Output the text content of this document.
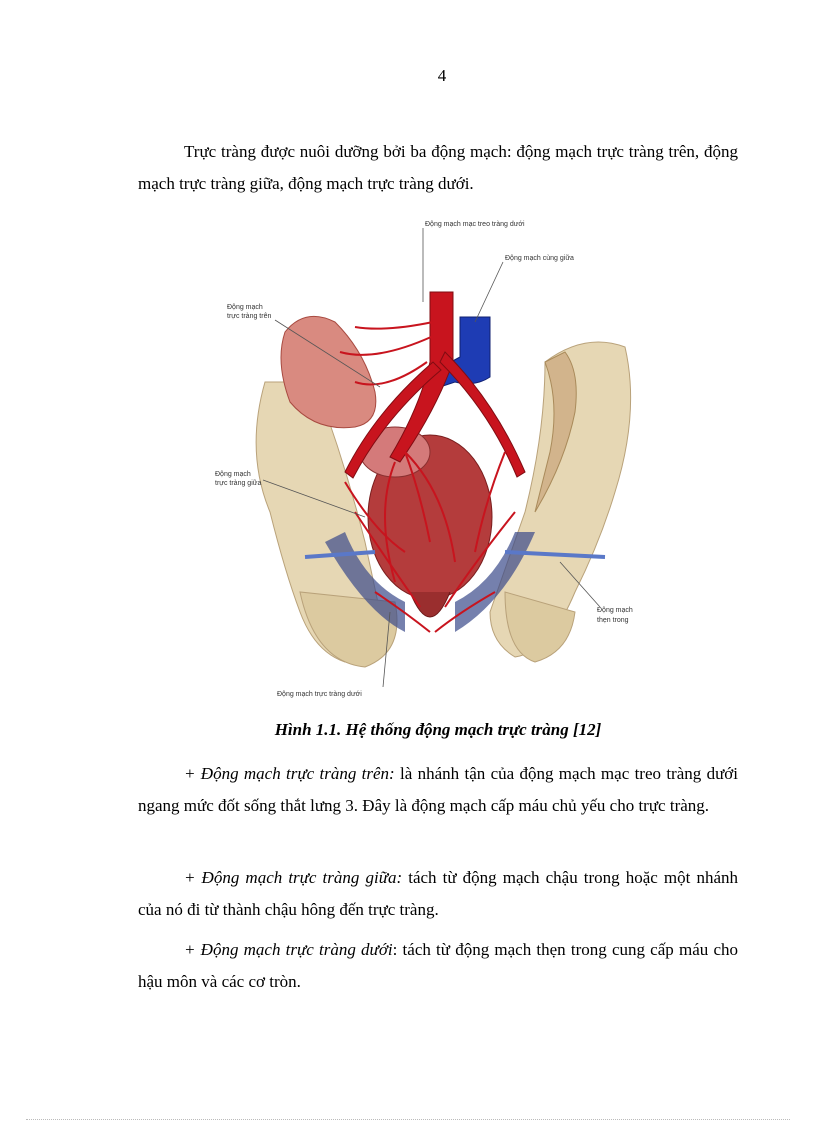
4

Trực tràng được nuôi dưỡng bởi ba động mạch: động mạch trực tràng trên, động mạch trực tràng giữa, động mạch trực tràng dưới.

Động mạch mạc treo tràng dưới
Động mạch cùng giữa
Động mạch
trực tràng trên
Động mạch
trực tràng giữa
Động mạch
thẹn trong
Động mạch trực tràng dưới
Hình 1.1. Hệ thống động mạch trực tràng [12]

+ Động mạch trực tràng trên: là nhánh tận của động mạch mạc treo tràng dưới ngang mức đốt sống thắt lưng 3. Đây là động mạch cấp máu chủ yếu cho trực tràng.

+ Động mạch trực tràng giữa: tách từ động mạch chậu trong hoặc một nhánh của nó đi từ thành chậu hông đến trực tràng.

+ Động mạch trực tràng dưới: tách từ động mạch thẹn trong cung cấp máu cho hậu môn và các cơ tròn.
